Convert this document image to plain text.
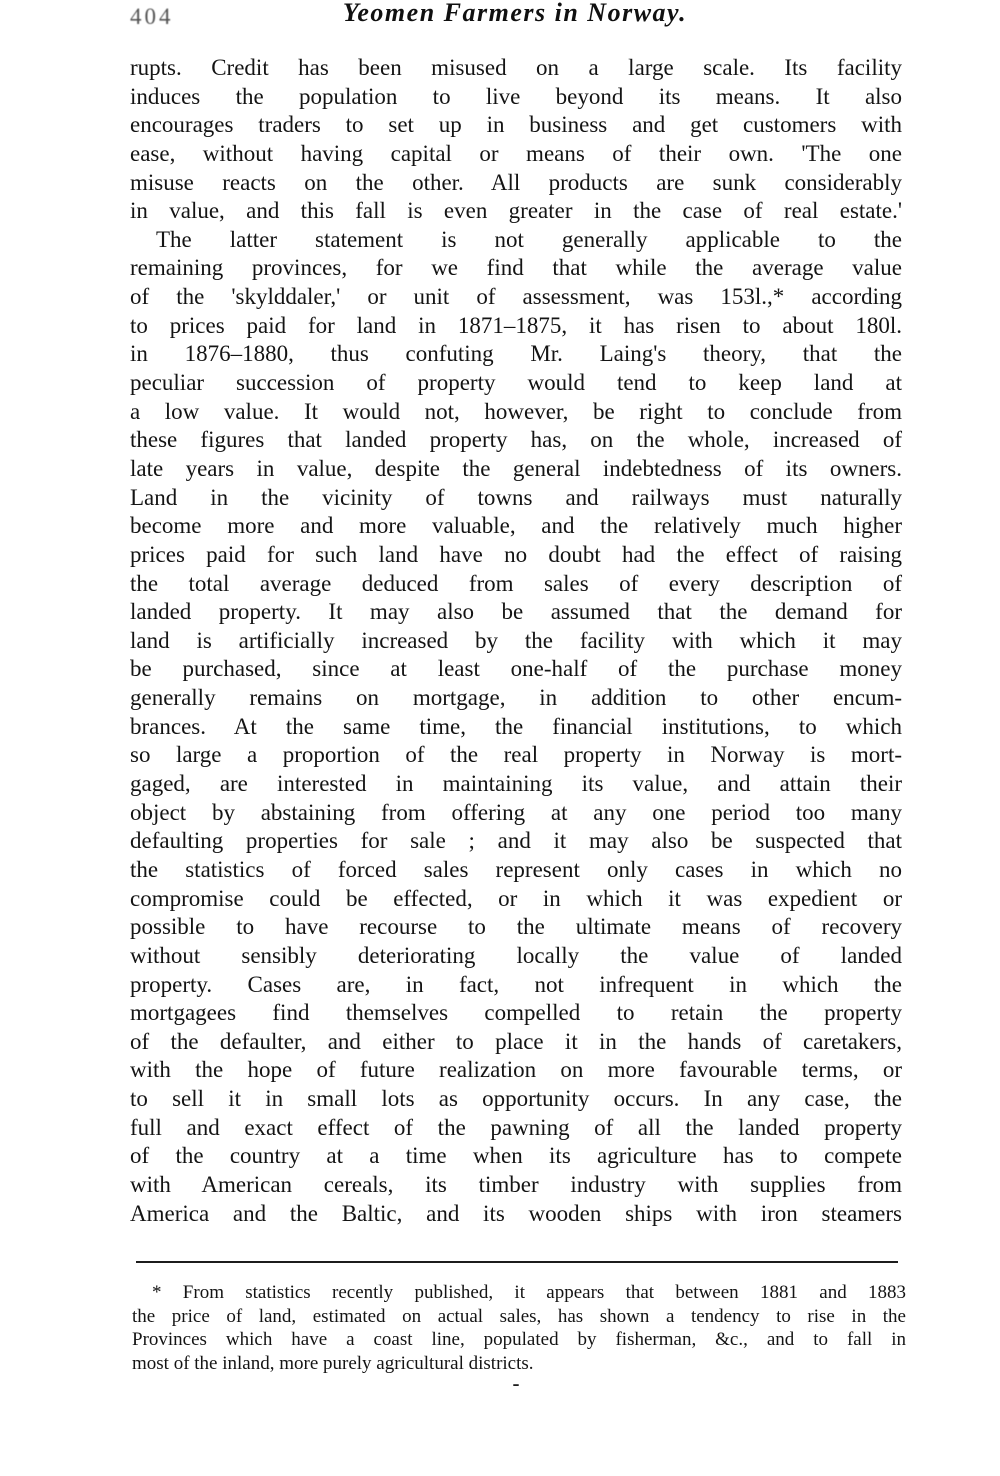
404	Yeomen Farmers in Norway.
rupts. Credit has been misused on a large scale. Its facility
induces the population to live beyond its means. It also
encourages traders to set up in business and get customers with
ease, without having capital or means of their own. 'The one
misuse reacts on the other. All products are sunk considerably
in value, and this fall is even greater in the case of real estate.'
The latter statement is not generally applicable to the
remaining provinces, for we find that while the average value
of the 'skylddaler,' or unit of assessment, was 153l.,* according
to prices paid for land in 1871–1875, it has risen to about 180l.
in 1876–1880, thus confuting Mr. Laing's theory, that the
peculiar succession of property would tend to keep land at
a low value. It would not, however, be right to conclude from
these figures that landed property has, on the whole, increased of
late years in value, despite the general indebtedness of its owners.
Land in the vicinity of towns and railways must naturally
become more and more valuable, and the relatively much higher
prices paid for such land have no doubt had the effect of raising
the total average deduced from sales of every description of
landed property. It may also be assumed that the demand for
land is artificially increased by the facility with which it may
be purchased, since at least one-half of the purchase money
generally remains on mortgage, in addition to other encum-
brances. At the same time, the financial institutions, to which
so large a proportion of the real property in Norway is mort-
gaged, are interested in maintaining its value, and attain their
object by abstaining from offering at any one period too many
defaulting properties for sale ; and it may also be suspected that
the statistics of forced sales represent only cases in which no
compromise could be effected, or in which it was expedient or
possible to have recourse to the ultimate means of recovery
without sensibly deteriorating locally the value of landed
property. Cases are, in fact, not infrequent in which the
mortgagees find themselves compelled to retain the property
of the defaulter, and either to place it in the hands of caretakers,
with the hope of future realization on more favourable terms, or
to sell it in small lots as opportunity occurs. In any case, the
full and exact effect of the pawning of all the landed property
of the country at a time when its agriculture has to compete
with American cereals, its timber industry with supplies from
America and the Baltic, and its wooden ships with iron steamers
* From statistics recently published, it appears that between 1881 and 1883
the price of land, estimated on actual sales, has shown a tendency to rise in the
Provinces which have a coast line, populated by fisherman, &c., and to fall in
most of the inland, more purely agricultural districts.
-
